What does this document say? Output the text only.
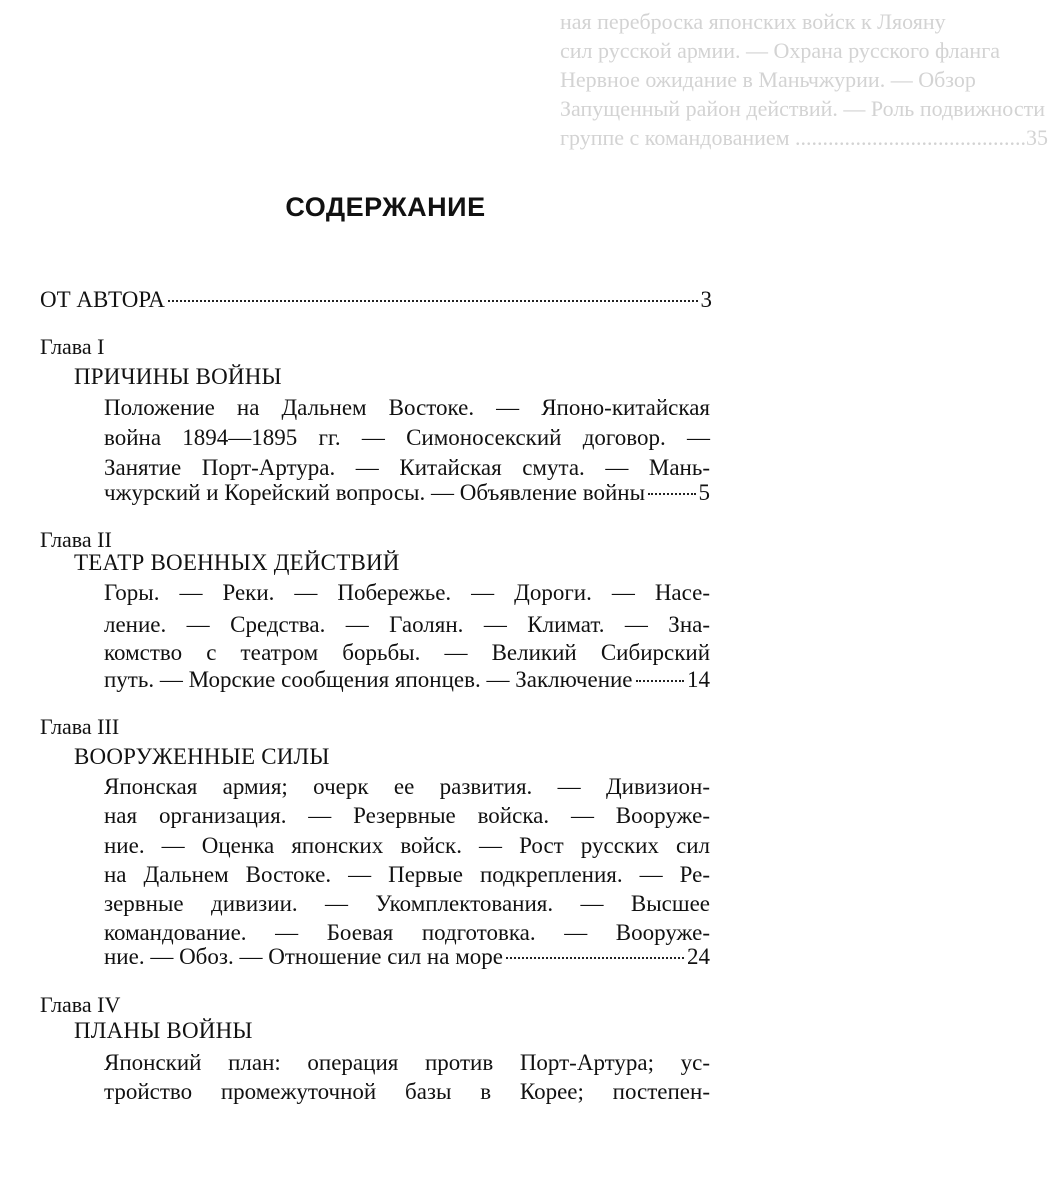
ная переброска японских войск к Ляояну
сил русской армии. — Охрана русского фланга
Нервное ожидание в Маньчжурии. — Обзор
Запущенный район действий. — Роль подвижности
группе с командованием ..........................................35
СОДЕРЖАНИЕ
ОТ АВТОРА	3
Глава I
ПРИЧИНЫ ВОЙНЫ
Положение на Дальнем Востоке. — Японо-китайская
война 1894—1895 гг. — Симоносекский договор. —
Занятие Порт-Артура. — Китайская смута. — Мань-
чжурский и Корейский вопросы. — Объявление войны 5
Глава II
ТЕАТР ВОЕННЫХ ДЕЙСТВИЙ
Горы. — Реки. — Побережье. — Дороги. — Насе-
ление. — Средства. — Гаолян. — Климат. — Зна-
комство с театром борьбы. — Великий Сибирский
путь. — Морские сообщения японцев. — Заключение 14
Глава III
ВООРУЖЕННЫЕ СИЛЫ
Японская армия; очерк ее развития. — Дивизион-
ная организация. — Резервные войска. — Вооруже-
ние. — Оценка японских войск. — Рост русских сил
на Дальнем Востоке. — Первые подкрепления. — Ре-
зервные дивизии. — Укомплектования. — Высшее
командование. — Боевая подготовка. — Вооруже-
ние. — Обоз. — Отношение сил на море	24
Глава IV
ПЛАНЫ ВОЙНЫ
Японский план: операция против Порт-Артура; ус-
тройство промежуточной базы в Корее; постепен-
